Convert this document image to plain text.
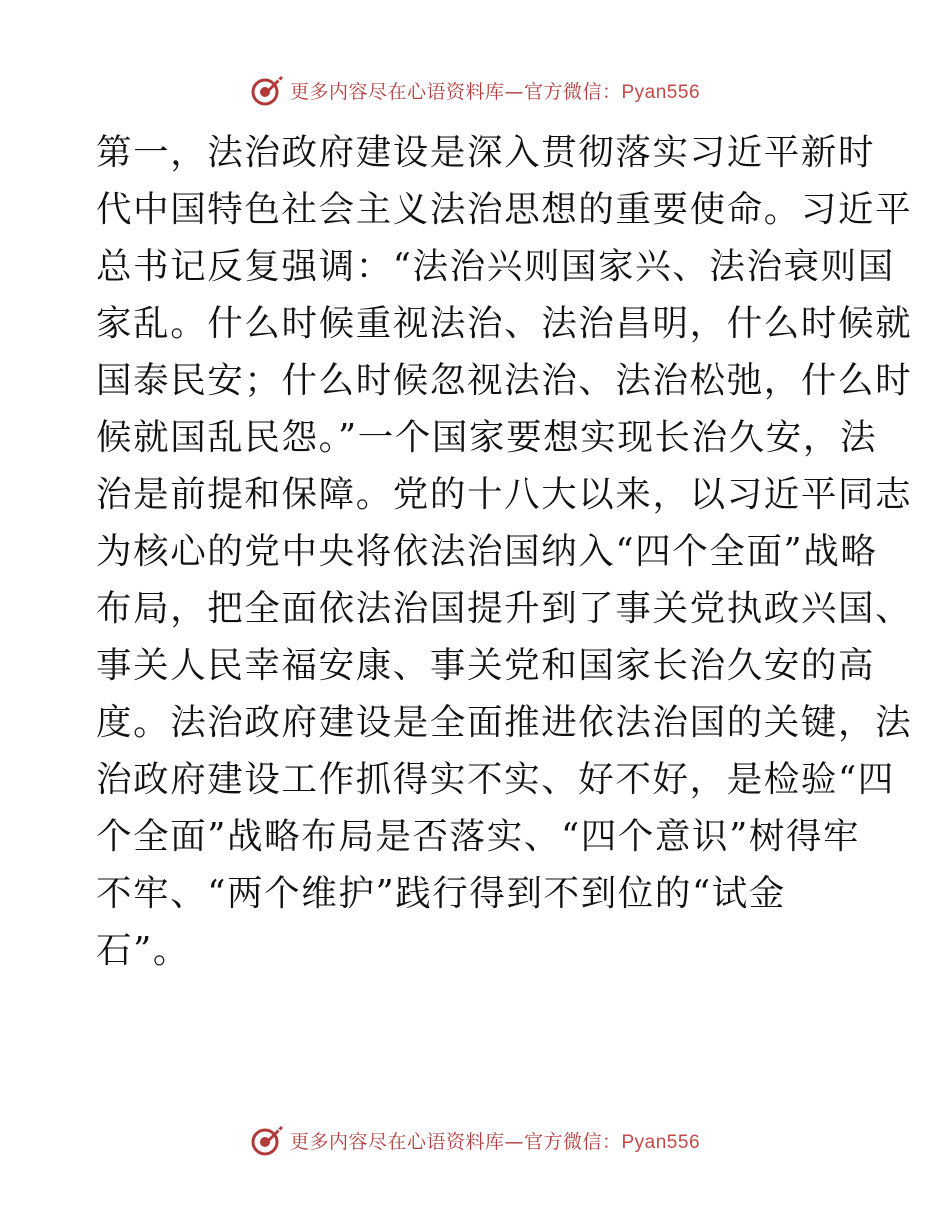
更多内容尽在心语资料库—官方微信：Pyan556

第一，法治政府建设是深入贯彻落实习近平新时
代中国特色社会主义法治思想的重要使命。习近平
总书记反复强调：“法治兴则国家兴、法治衰则国
家乱。什么时候重视法治、法治昌明，什么时候就
国泰民安；什么时候忽视法治、法治松弛，什么时
候就国乱民怨。”一个国家要想实现长治久安，法
治是前提和保障。党的十八大以来，以习近平同志
为核心的党中央将依法治国纳入“四个全面”战略
布局，把全面依法治国提升到了事关党执政兴国、
事关人民幸福安康、事关党和国家长治久安的高
度。法治政府建设是全面推进依法治国的关键，法
治政府建设工作抓得实不实、好不好，是检验“四
个全面”战略布局是否落实、“四个意识”树得牢
不牢、“两个维护”践行得到不到位的“试金
石”。

更多内容尽在心语资料库—官方微信：Pyan556
